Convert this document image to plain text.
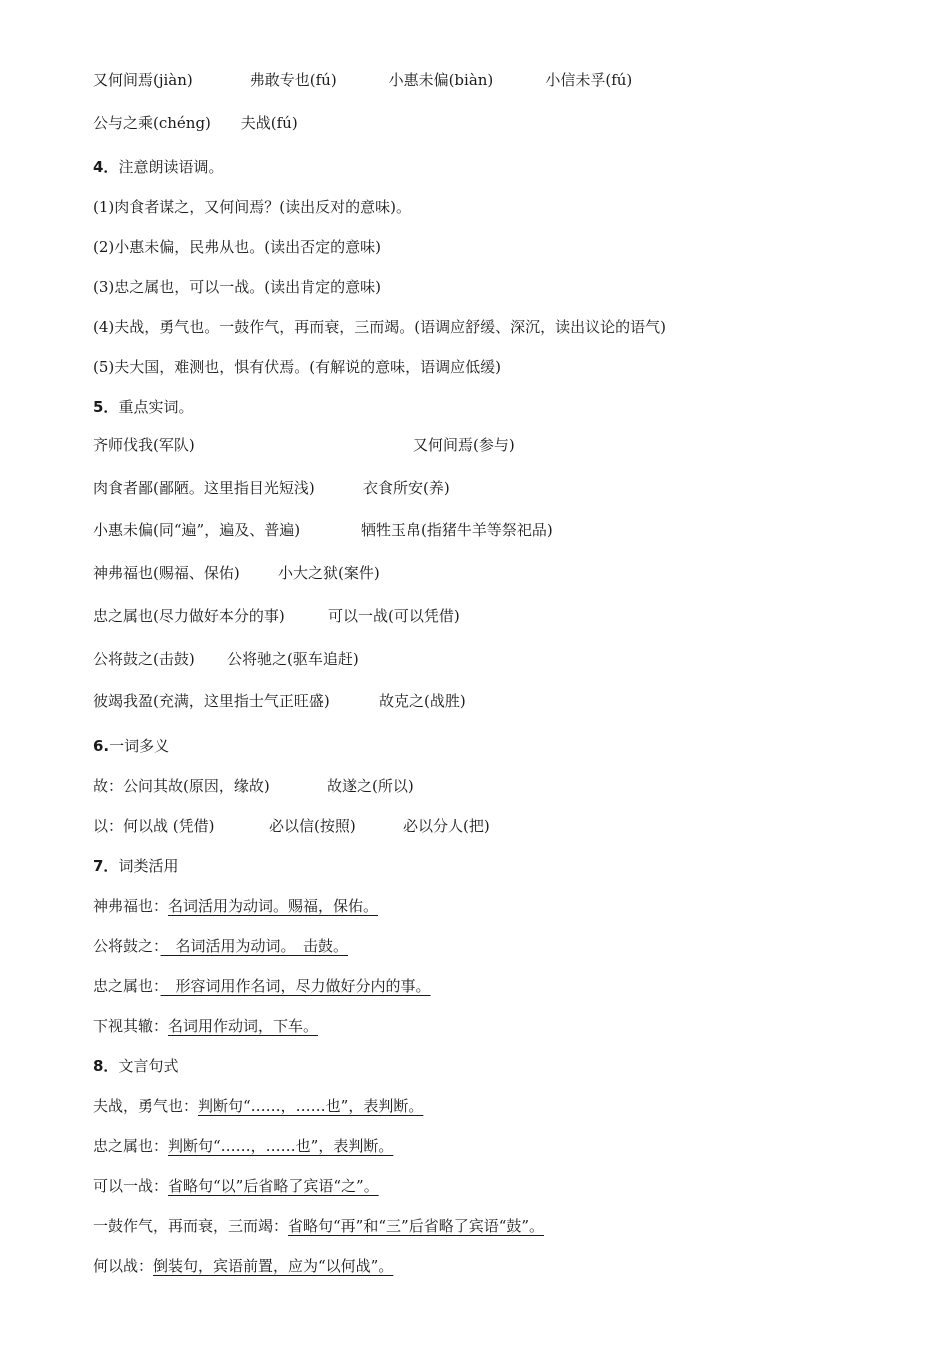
又何间焉(jiàn)	弗敢专也(fú)	小惠未偏(biàn)	小信未孚(fú)
公与之乘(chéng) 夫战(fú)
4．注意朗读语调。
(1)肉食者谋之，又何间焉？(读出反对的意味)。
(2)小惠未偏，民弗从也。(读出否定的意味)
(3)忠之属也，可以一战。(读出肯定的意味)
(4)夫战，勇气也。一鼓作气，再而衰，三而竭。(语调应舒缓、深沉，读出议论的语气)
(5)夫大国，难测也，惧有伏焉。(有解说的意味，语调应低缓)
5．重点实词。
齐师伐我(军队)	又何间焉(参与)
肉食者鄙(鄙陋。这里指目光短浅)	衣食所安(养)
小惠未偏(同“遍”，遍及、普遍)	牺牲玉帛(指猪牛羊等祭祀品)
神弗福也(赐福、保佑)	小大之狱(案件)
忠之属也(尽力做好本分的事)	可以一战(可以凭借)
公将鼓之(击鼓) 公将驰之(驱车追赶)
彼竭我盈(充满，这里指士气正旺盛)	故克之(战胜)
6.一词多义
故：公问其故(原因，缘故)	故遂之(所以)
以：何以战 (凭借)	必以信(按照)	必以分人(把)
7．词类活用
神弗福也：名词活用为动词。赐福，保佑。
公将鼓之：　名词活用为动词。　击鼓。
忠之属也：　形容词用作名词，尽力做好分内的事。
下视其辙：名词用作动词，下车。
8．文言句式
夫战，勇气也：判断句“……，……也”，表判断。
忠之属也：判断句“……，……也”，表判断。
可以一战：省略句“以”后省略了宾语“之”。
一鼓作气，再而衰，三而竭：省略句“再”和“三”后省略了宾语“鼓”。
何以战：倒装句，宾语前置，应为“以何战”。
